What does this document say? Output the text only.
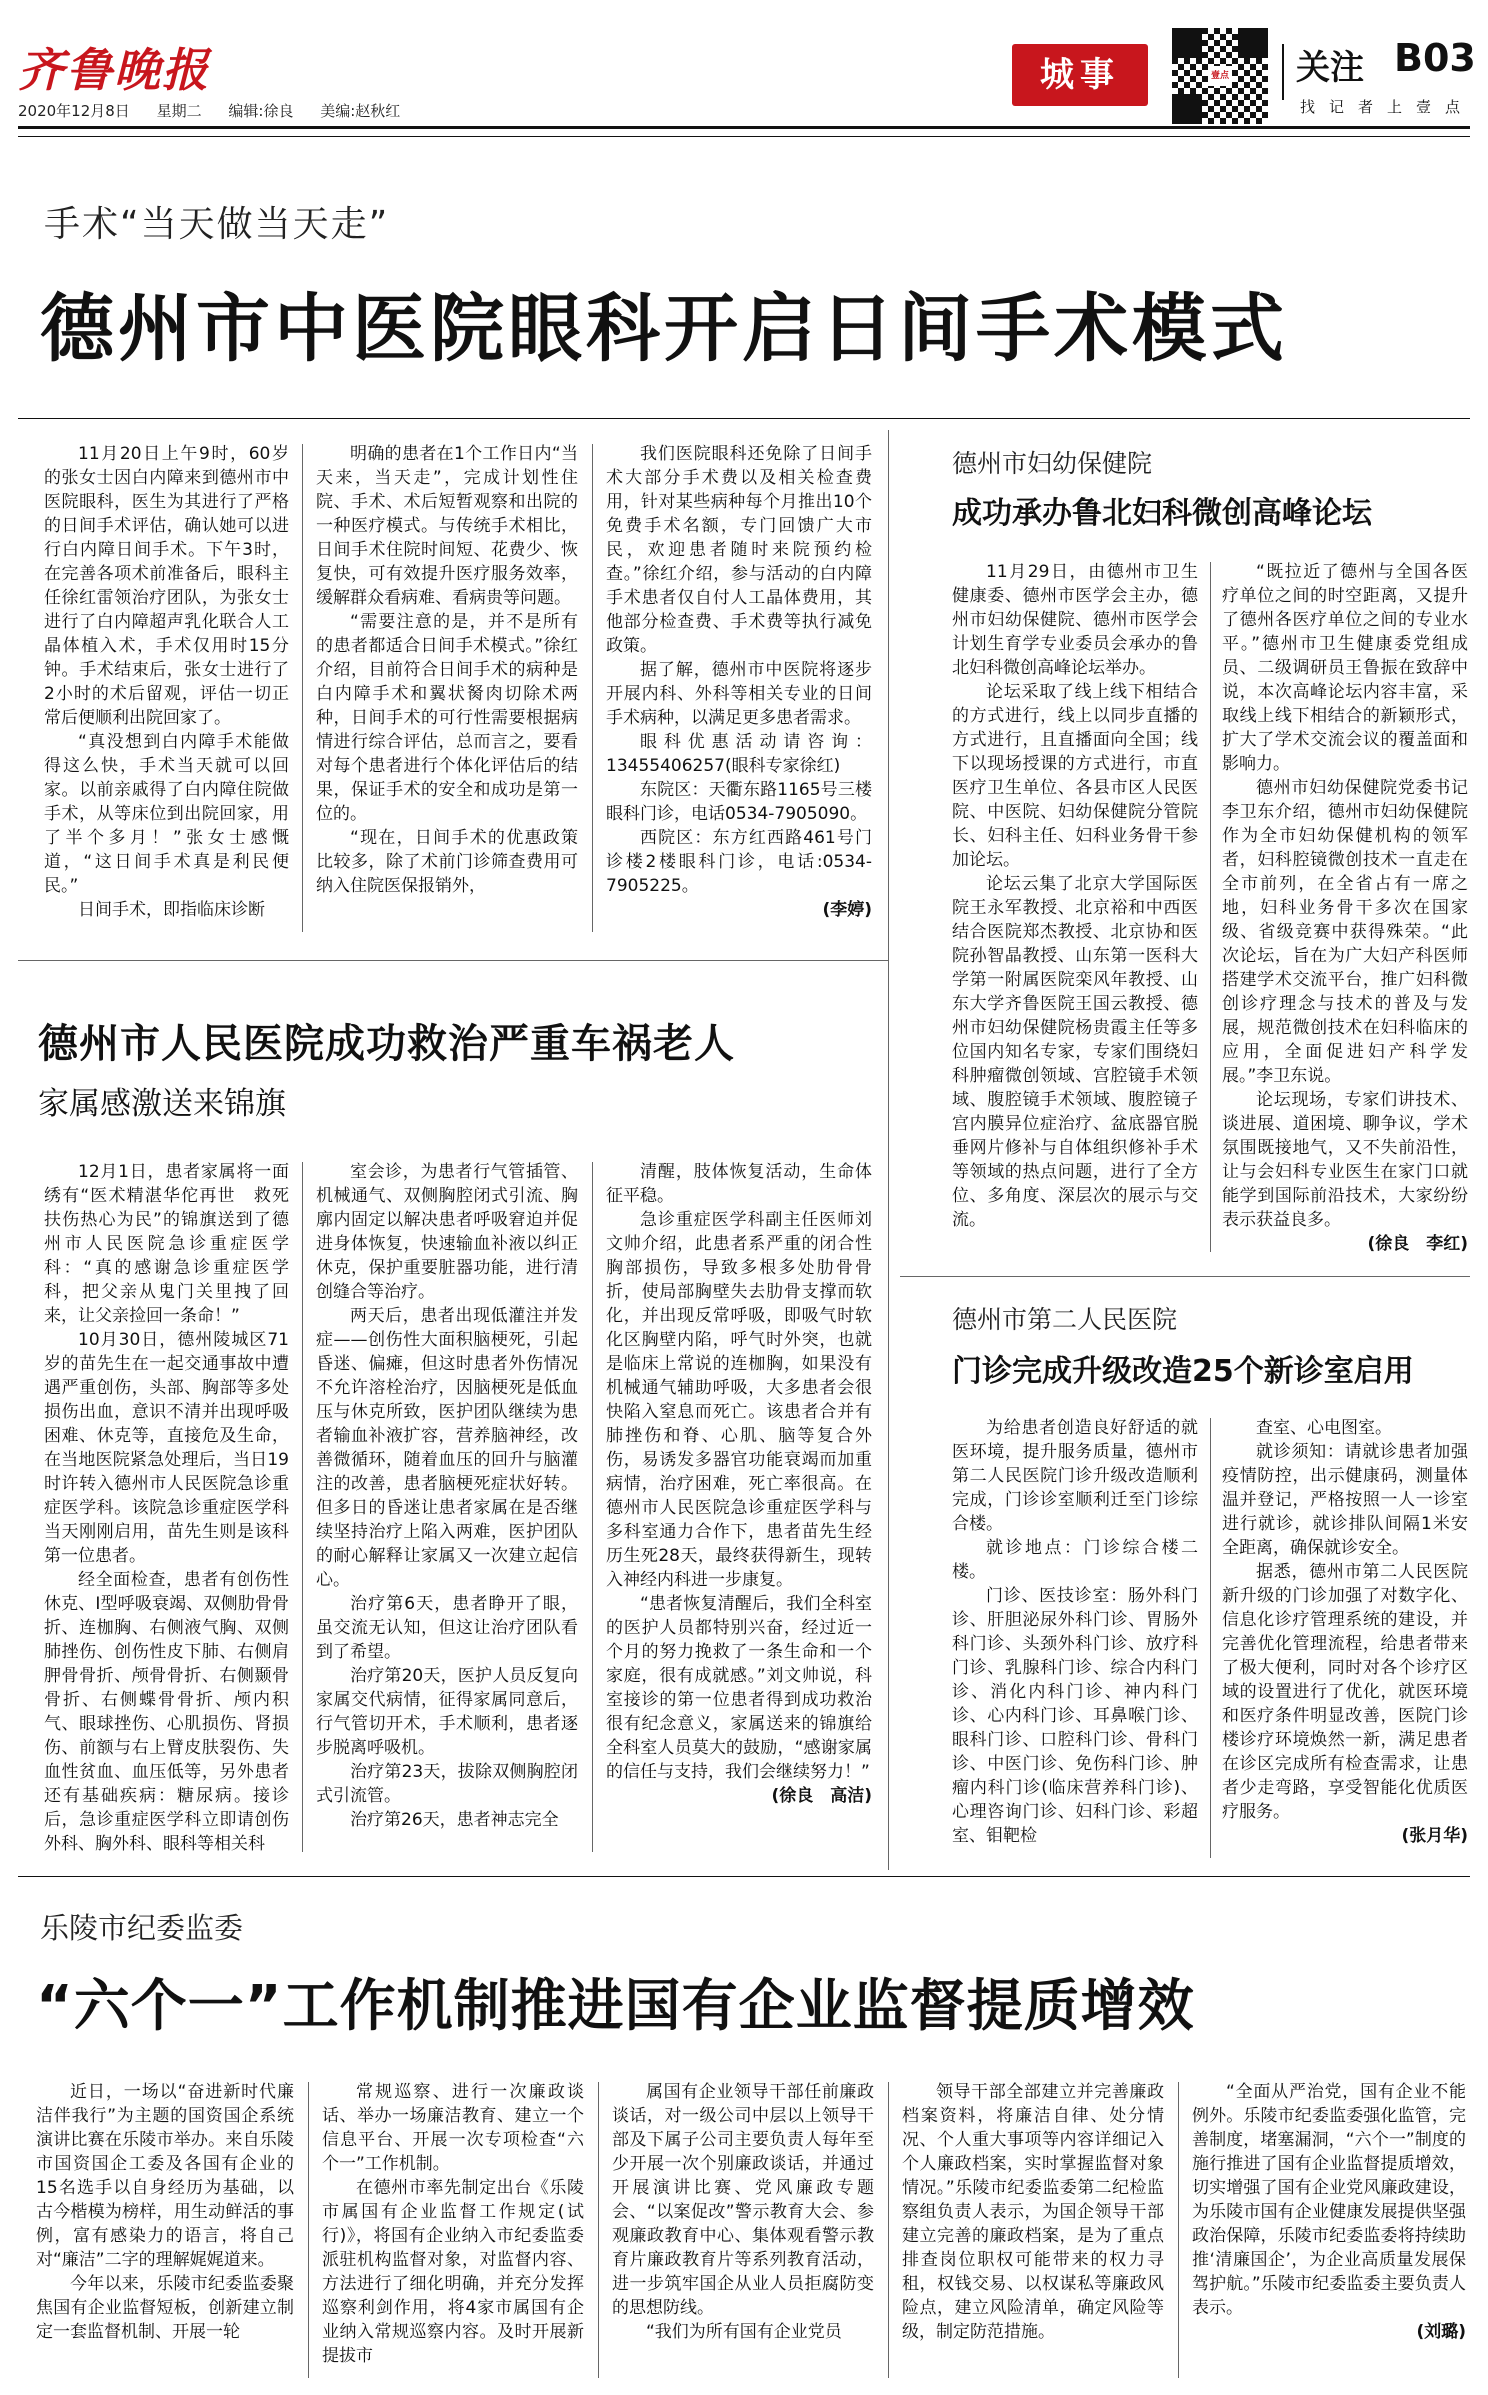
齐鲁晚报
2020年12月8日 星期二 编辑:徐良 美编:赵秋红
城事	壹点 关注 B03
找记者上壹点
手术“当天做当天走”
德州市中医院眼科开启日间手术模式

11月20日上午9时，60岁的张女士因白内障来到德州市中医院眼科，医生为其进行了严格的日间手术评估，确认她可以进行白内障日间手术。下午3时，在完善各项术前准备后，眼科主任徐红雷领治疗团队，为张女士进行了白内障超声乳化联合人工晶体植入术，手术仅用时15分钟。手术结束后，张女士进行了2小时的术后留观，评估一切正常后便顺利出院回家了。

“真没想到白内障手术能做得这么快，手术当天就可以回家。以前亲戚得了白内障住院做手术，从等床位到出院回家，用了半个多月！”张女士感慨道，“这日间手术真是利民便民。”

日间手术，即指临床诊断

明确的患者在1个工作日内“当天来，当天走”，完成计划性住院、手术、术后短暂观察和出院的一种医疗模式。与传统手术相比，日间手术住院时间短、花费少、恢复快，可有效提升医疗服务效率，缓解群众看病难、看病贵等问题。

“需要注意的是，并不是所有的患者都适合日间手术模式。”徐红介绍，目前符合日间手术的病种是白内障手术和翼状胬肉切除术两种，日间手术的可行性需要根据病情进行综合评估，总而言之，要看对每个患者进行个体化评估后的结果，保证手术的安全和成功是第一位的。

“现在，日间手术的优惠政策比较多，除了术前门诊筛查费用可纳入住院医保报销外，

我们医院眼科还免除了日间手术大部分手术费以及相关检查费用，针对某些病种每个月推出10个免费手术名额，专门回馈广大市民，欢迎患者随时来院预约检查。”徐红介绍，参与活动的白内障手术患者仅自付人工晶体费用，其他部分检查费、手术费等执行减免政策。

据了解，德州市中医院将逐步开展内科、外科等相关专业的日间手术病种，以满足更多患者需求。

眼科优惠活动请咨询：13455406257(眼科专家徐红)

东院区：天衢东路1165号三楼眼科门诊，电话0534-7905090。

西院区：东方红西路461号门诊楼2楼眼科门诊，电话:0534-7905225。

(李婷)

德州市人民医院成功救治严重车祸老人
家属感激送来锦旗

12月1日，患者家属将一面绣有“医术精湛华佗再世　救死扶伤热心为民”的锦旗送到了德州市人民医院急诊重症医学科：“真的感谢急诊重症医学科，把父亲从鬼门关里拽了回来，让父亲捡回一条命！”

10月30日，德州陵城区71岁的苗先生在一起交通事故中遭遇严重创伤，头部、胸部等多处损伤出血，意识不清并出现呼吸困难、休克等，直接危及生命，在当地医院紧急处理后，当日19时许转入德州市人民医院急诊重症医学科。该院急诊重症医学科当天刚刚启用，苗先生则是该科第一位患者。

经全面检查，患者有创伤性休克、Ⅰ型呼吸衰竭、双侧肋骨骨折、连枷胸、右侧液气胸、双侧肺挫伤、创伤性皮下肺、右侧肩胛骨骨折、颅骨骨折、右侧颞骨骨折、右侧蝶骨骨折、颅内积气、眼球挫伤、心肌损伤、肾损伤、前额与右上臂皮肤裂伤、失血性贫血、血压低等，另外患者还有基础疾病：糖尿病。接诊后，急诊重症医学科立即请创伤外科、胸外科、眼科等相关科

室会诊，为患者行气管插管、机械通气、双侧胸腔闭式引流、胸廓内固定以解决患者呼吸窘迫并促进身体恢复，快速输血补液以纠正休克，保护重要脏器功能，进行清创缝合等治疗。

两天后，患者出现低灌注并发症——创伤性大面积脑梗死，引起昏迷、偏瘫，但这时患者外伤情况不允许溶栓治疗，因脑梗死是低血压与休克所致，医护团队继续为患者输血补液扩容，营养脑神经，改善微循环，随着血压的回升与脑灌注的改善，患者脑梗死症状好转。但多日的昏迷让患者家属在是否继续坚持治疗上陷入两难，医护团队的耐心解释让家属又一次建立起信心。

治疗第6天，患者睁开了眼，虽交流无认知，但这让治疗团队看到了希望。

治疗第20天，医护人员反复向家属交代病情，征得家属同意后，行气管切开术，手术顺利，患者逐步脱离呼吸机。

治疗第23天，拔除双侧胸腔闭式引流管。

治疗第26天，患者神志完全

清醒，肢体恢复活动，生命体征平稳。

急诊重症医学科副主任医师刘文帅介绍，此患者系严重的闭合性胸部损伤，导致多根多处肋骨骨折，使局部胸壁失去肋骨支撑而软化，并出现反常呼吸，即吸气时软化区胸壁内陷，呼气时外突，也就是临床上常说的连枷胸，如果没有机械通气辅助呼吸，大多患者会很快陷入窒息而死亡。该患者合并有肺挫伤和脊、心肌、脑等复合外伤，易诱发多器官功能衰竭而加重病情，治疗困难，死亡率很高。在德州市人民医院急诊重症医学科与多科室通力合作下，患者苗先生经历生死28天，最终获得新生，现转入神经内科进一步康复。

“患者恢复清醒后，我们全科室的医护人员都特别兴奋，经过近一个月的努力挽救了一条生命和一个家庭，很有成就感。”刘文帅说，科室接诊的第一位患者得到成功救治很有纪念意义，家属送来的锦旗给全科室人员莫大的鼓励，“感谢家属的信任与支持，我们会继续努力！”

(徐良　高洁)

德州市妇幼保健院
成功承办鲁北妇科微创高峰论坛

11月29日，由德州市卫生健康委、德州市医学会主办，德州市妇幼保健院、德州市医学会计划生育学专业委员会承办的鲁北妇科微创高峰论坛举办。

论坛采取了线上线下相结合的方式进行，线上以同步直播的方式进行，且直播面向全国；线下以现场授课的方式进行，市直医疗卫生单位、各县市区人民医院、中医院、妇幼保健院分管院长、妇科主任、妇科业务骨干参加论坛。

论坛云集了北京大学国际医院王永军教授、北京裕和中西医结合医院郑杰教授、北京协和医院孙智晶教授、山东第一医科大学第一附属医院栾风年教授、山东大学齐鲁医院王国云教授、德州市妇幼保健院杨贵霞主任等多位国内知名专家，专家们围绕妇科肿瘤微创领域、宫腔镜手术领域、腹腔镜手术领域、腹腔镜子宫内膜异位症治疗、盆底器官脱垂网片修补与自体组织修补手术等领域的热点问题，进行了全方位、多角度、深层次的展示与交流。

“既拉近了德州与全国各医疗单位之间的时空距离，又提升了德州各医疗单位之间的专业水平。”德州市卫生健康委党组成员、二级调研员王鲁振在致辞中说，本次高峰论坛内容丰富，采取线上线下相结合的新颖形式，扩大了学术交流会议的覆盖面和影响力。

德州市妇幼保健院党委书记李卫东介绍，德州市妇幼保健院作为全市妇幼保健机构的领军者，妇科腔镜微创技术一直走在全市前列，在全省占有一席之地，妇科业务骨干多次在国家级、省级竞赛中获得殊荣。“此次论坛，旨在为广大妇产科医师搭建学术交流平台，推广妇科微创诊疗理念与技术的普及与发展，规范微创技术在妇科临床的应用，全面促进妇产科学发展。”李卫东说。

论坛现场，专家们讲技术、谈进展、道困境、聊争议，学术氛围既接地气，又不失前沿性，让与会妇科专业医生在家门口就能学到国际前沿技术，大家纷纷表示获益良多。

(徐良　李红)

德州市第二人民医院
门诊完成升级改造25个新诊室启用

为给患者创造良好舒适的就医环境，提升服务质量，德州市第二人民医院门诊升级改造顺利完成，门诊诊室顺利迁至门诊综合楼。

就诊地点：门诊综合楼二楼。

门诊、医技诊室：肠外科门诊、肝胆泌尿外科门诊、胃肠外科门诊、头颈外科门诊、放疗科门诊、乳腺科门诊、综合内科门诊、消化内科门诊、神内科门诊、心内科门诊、耳鼻喉门诊、眼科门诊、口腔科门诊、骨科门诊、中医门诊、免伤科门诊、肿瘤内科门诊(临床营养科门诊)、心理咨询门诊、妇科门诊、彩超室、钼靶检

查室、心电图室。

就诊须知：请就诊患者加强疫情防控，出示健康码，测量体温并登记，严格按照一人一诊室进行就诊，就诊排队间隔1米安全距离，确保就诊安全。

据悉，德州市第二人民医院新升级的门诊加强了对数字化、信息化诊疗管理系统的建设，并完善优化管理流程，给患者带来了极大便利，同时对各个诊疗区域的设置进行了优化，就医环境和医疗条件明显改善，医院门诊楼诊疗环境焕然一新，满足患者在诊区完成所有检查需求，让患者少走弯路，享受智能化优质医疗服务。

(张月华)

乐陵市纪委监委
“六个一”工作机制推进国有企业监督提质增效

近日，一场以“奋进新时代廉洁伴我行”为主题的国资国企系统演讲比赛在乐陵市举办。来自乐陵市国资国企工委及各国有企业的15名选手以自身经历为基础，以古今楷模为榜样，用生动鲜活的事例，富有感染力的语言，将自己对“廉洁”二字的理解娓娓道来。

今年以来，乐陵市纪委监委聚焦国有企业监督短板，创新建立制定一套监督机制、开展一轮

常规巡察、进行一次廉政谈话、举办一场廉洁教育、建立一个信息平台、开展一次专项检查“六个一”工作机制。

在德州市率先制定出台《乐陵市属国有企业监督工作规定(试行)》，将国有企业纳入市纪委监委派驻机构监督对象，对监督内容、方法进行了细化明确，并充分发挥巡察利剑作用，将4家市属国有企业纳入常规巡察内容。及时开展新提拔市

属国有企业领导干部任前廉政谈话，对一级公司中层以上领导干部及下属子公司主要负责人每年至少开展一次个别廉政谈话，并通过开展演讲比赛、党风廉政专题会、“以案促改”警示教育大会、参观廉政教育中心、集体观看警示教育片廉政教育片等系列教育活动，进一步筑牢国企从业人员拒腐防变的思想防线。

“我们为所有国有企业党员

领导干部全部建立并完善廉政档案资料，将廉洁自律、处分情况、个人重大事项等内容详细记入个人廉政档案，实时掌握监督对象情况。”乐陵市纪委监委第二纪检监察组负责人表示，为国企领导干部建立完善的廉政档案，是为了重点排查岗位职权可能带来的权力寻租，权钱交易、以权谋私等廉政风险点，建立风险清单，确定风险等级，制定防范措施。

“全面从严治党，国有企业不能例外。乐陵市纪委监委强化监管，完善制度，堵塞漏洞，“六个一”制度的施行推进了国有企业监督提质增效，切实增强了国有企业党风廉政建设，为乐陵市国有企业健康发展提供坚强政治保障，乐陵市纪委监委将持续助推‘清廉国企’，为企业高质量发展保驾护航。”乐陵市纪委监委主要负责人表示。

(刘璐)
